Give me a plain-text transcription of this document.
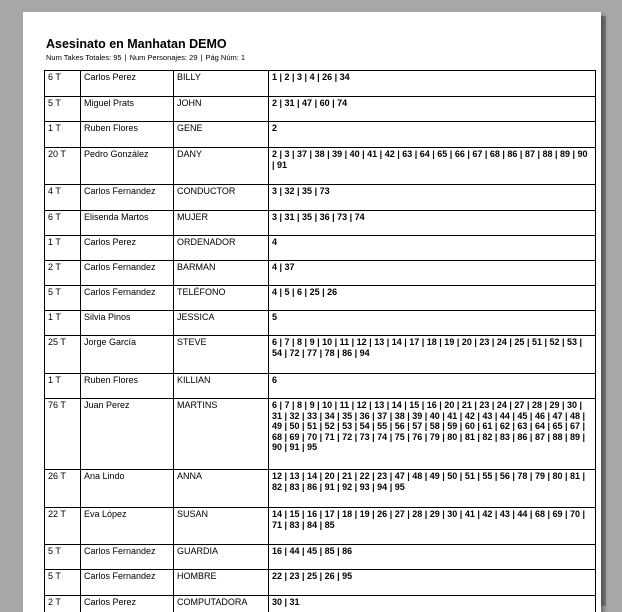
Asesinato en Manhatan DEMO
Num Takes Totales: 95 | Num Personajes: 29 | Pág Núm: 1
6 T	Carlos Perez	BILLY	1 | 2 | 3 | 4 | 26 | 34
5 T	Miguel Prats	JOHN	2 | 31 | 47 | 60 | 74
1 T	Ruben Flores	GENE	2
20 T	Pedro González	DANY	2 | 3 | 37 | 38 | 39 | 40 | 41 | 42 | 63 | 64 | 65 | 66 | 67 | 68 | 86 | 87 | 88 | 89 | 90 | 91
4 T	Carlos Fernandez	CONDUCTOR	3 | 32 | 35 | 73
6 T	Elisenda Martos	MUJER	3 | 31 | 35 | 36 | 73 | 74
1 T	Carlos Perez	ORDENADOR	4
2 T	Carlos Fernandez	BARMAN	4 | 37
5 T	Carlos Fernandez	TELÉFONO	4 | 5 | 6 | 25 | 26
1 T	Silvia Pinos	JESSICA	5
25 T	Jorge García	STEVE	6 | 7 | 8 | 9 | 10 | 11 | 12 | 13 | 14 | 17 | 18 | 19 | 20 | 23 | 24 | 25 | 51 | 52 | 53 | 54 | 72 | 77 | 78 | 86 | 94
1 T	Ruben Flores	KILLIAN	6
76 T	Juan Perez	MARTINS	6 | 7 | 8 | 9 | 10 | 11 | 12 | 13 | 14 | 15 | 16 | 20 | 21 | 23 | 24 | 27 | 28 | 29 | 30 | 31 | 32 | 33 | 34 | 35 | 36 | 37 | 38 | 39 | 40 | 41 | 42 | 43 | 44 | 45 | 46 | 47 | 48 | 49 | 50 | 51 | 52 | 53 | 54 | 55 | 56 | 57 | 58 | 59 | 60 | 61 | 62 | 63 | 64 | 65 | 67 | 68 | 69 | 70 | 71 | 72 | 73 | 74 | 75 | 76 | 79 | 80 | 81 | 82 | 83 | 86 | 87 | 88 | 89 | 90 | 91 | 95
26 T	Ana Lindo	ANNA	12 | 13 | 14 | 20 | 21 | 22 | 23 | 47 | 48 | 49 | 50 | 51 | 55 | 56 | 78 | 79 | 80 | 81 | 82 | 83 | 86 | 91 | 92 | 93 | 94 | 95
22 T	Eva López	SUSAN	14 | 15 | 16 | 17 | 18 | 19 | 26 | 27 | 28 | 29 | 30 | 41 | 42 | 43 | 44 | 68 | 69 | 70 | 71 | 83 | 84 | 85
5 T	Carlos Fernandez	GUARDIA	16 | 44 | 45 | 85 | 86
5 T	Carlos Fernandez	HOMBRE	22 | 23 | 25 | 26 | 95
2 T	Carlos Perez	COMPUTADORA	30 | 31
